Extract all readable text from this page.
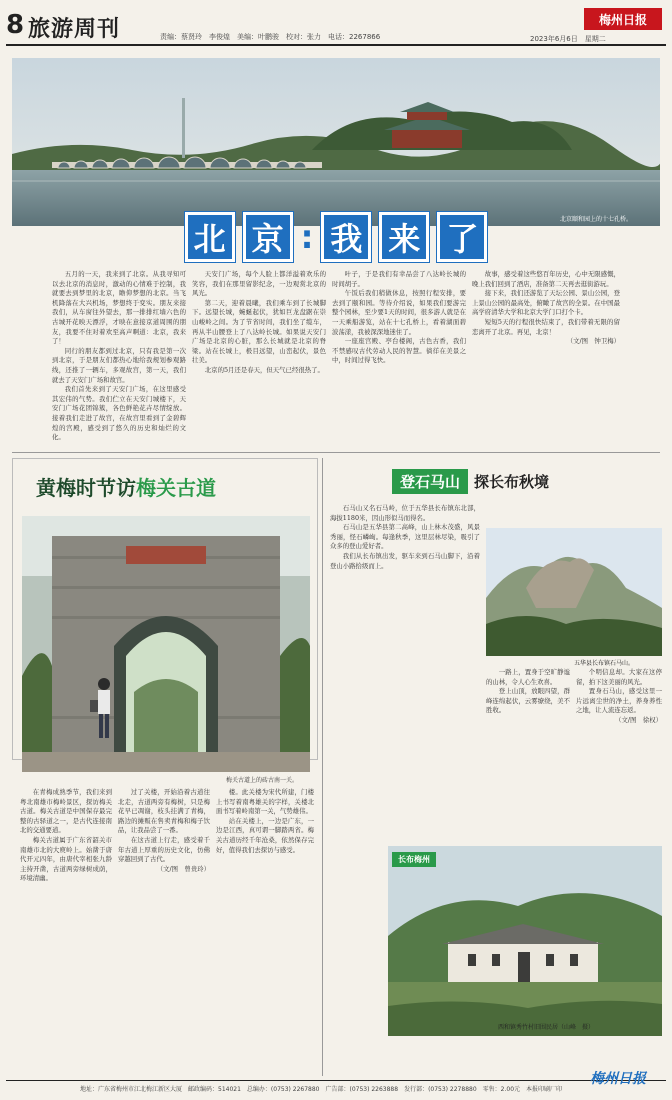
8 旅游周刊	责编：蔡贤玲　李俊煌　美编：叶鹏骏　校对：张力　电话：2267866
梅州日报
2023年6月6日　星期二
北京颐和园上的十七孔桥。
北 京 : 我 来 了

五月的一天，我来到了北京。从我寻知可以去北京的消息时，激动的心情难于控制，我就要去到梦里的北京，瞻仰梦想的北京。当飞机降落在大兴机场，梦想终于变实。朋友来接我们，从车窗往外望去，那一排排红墙六色的古城开花映天漂浮，才映在意接京道周围的朋友，我要不住对着欢至高声啊道：北京，我来了！

同行的朋友都到过北京，只有我是第一次到北京，于是朋友们都热心地给我规划参观路线，还推了一辆车，多观故宫，第一天，我们就去了天安门广场和故宫。

我们首先来到了天安门广场，在这里感受其宏伟的气势。我们伫立在天安门城楼下，天安门广场花团锦簇，各色鲜艳花卉尽情绽放。接着我们走进了故宫，在故宫里看到了金碧辉煌的宫殿，感受到了悠久的历史和灿烂的文化。

天安门广场，每个人脸上都洋溢着欢乐的笑容，我们在那里留影纪念，一边观赏北京的风光。

第二天，迎着晨曦，我们乘车到了长城脚下。远望长城，蜿蜒起伏，犹如巨龙盘踞在崇山峻岭之间。为了节省时间，我们坐了缆车，再从半山腰登上了八达岭长城。如果说天安门广场是北京的心脏，那么长城就是北京的脊梁。站在长城上，极目远望，山峦起伏，景色壮美。

北京的5月还是春天，但天气已经很热了。

叶子，于是我们有幸品尝了八达岭长城的时间胡子。

午饭后我们稍做休息，按照行程安排，要去到了颐和园。等待介绍说，如果我们要游完整个园林，至少要1天的时间，很多游人就是在一天乘船游览，站在十七孔桥上，看着湖面碧波荡漾，我被深深地迷住了。

一座座宫殿、亭台楼阁，古色古香，我们不禁感叹古代劳动人民的智慧。徜徉在美景之中，时间过得飞快。

故事，感受着这些悠百年历史，心中无限感慨，晚上我们回到了酒店，准备第二天再去逛街游玩。

接下来，我们还游览了天坛公园、景山公园，登上景山公园的最高处，俯瞰了故宫的全景。在中国最高学府清华大学和北京大学门口打个卡。

短短5天的行程很快结束了，我们带着无限的留恋离开了北京。再见，北京！

（文/图　钟卫梅）
黄梅时节访梅关古道
梅关古道上的砖古南一关。

在青梅成熟季节，我们来到粤北南雄市梅岭景区，探访梅关古道。梅关古道是中国保存最完整的古驿道之一，是古代连接南北的交通要道。

梅关古道属于广东省韶关市南雄市北的大庾岭上。始凿于唐代开元四年，由唐代宰相张九龄主持开凿，古道两旁绿树成荫，环境清幽。

过了关楼，开始沿着古道往北走，古道两旁有梅树，只是梅花早已凋谢，枝头挂满了青梅，路边的摊贩在售卖青梅和梅子饮品，让我品尝了一番。

在这古道上行走，感受着千年古道上厚重的历史文化，仿佛穿越回到了古代。

（文/图　曾贵玲）

楼。此关楼为宋代所建，门楼上书写着南粤雄关的字样，关楼北面书写着岭南第一关，气势雄伟。

站在关楼上，一边是广东，一边是江西，真可谓一脚踏两省。梅关古道历经千年沧桑，依然保存完好，值得我们去探访与感受。

登石马山 探长布秋境

石马山又名石马岭，位于五华县长布镇东北部，海拔1180米，因山形似马而得名。

石马山是五华县第二高峰，山上林木茂盛，风景秀丽，怪石嶙峋。每逢秋季，这里层林尽染，吸引了众多的登山爱好者。

我们从长布镇出发，驱车来到石马山脚下，沿着登山小路拾级而上。

五华县长布镇石马山。

一路上，置身于空旷静谧的山林，令人心生欢喜。

登上山顶，放眼四望，群峰连绵起伏，云雾缭绕，美不胜收。

个明信息却。大家在这停留，拍下这美丽的风光。

置身石马山，感受这里一片远离尘世的净土，养身养性之地，让人流连忘返。

（文/图　徐权）
长布梅州
西和镇秀竹村旧围民居（山峰　摄）
地址：广东省梅州市江北梅江新区大厦　邮政编码：514021　总编办：(0753) 2267880　广告部：(0753) 2263888　发行部：(0753) 2278880　零售：2.00元　本报印刷厂印
梅州日报
